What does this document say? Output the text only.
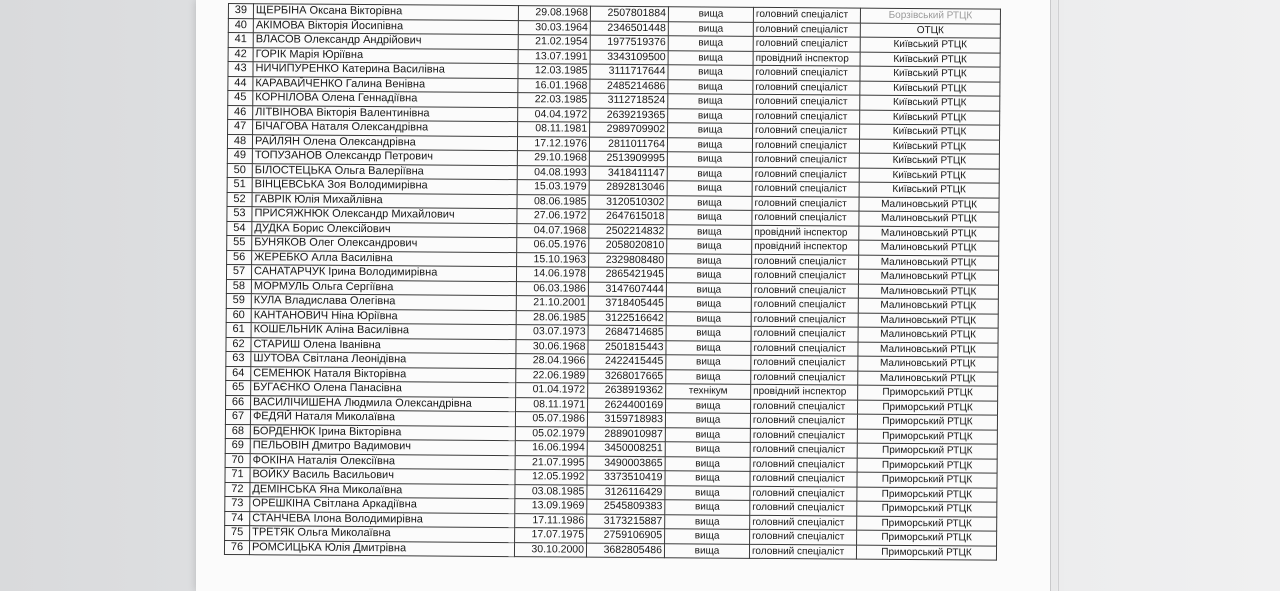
39	ЩЕРБІНА Оксана Вікторівна	29.08.1968	2507801884	вища	головний спеціаліст	Борзівський РТЦК
40	АКІМОВА Вікторія Йосипівна	30.03.1964	2346501448	вища	головний спеціаліст	ОТЦК
41	ВЛАСОВ Олександр Андрійович	21.02.1954	1977519376	вища	головний спеціаліст	Київський РТЦК
42	ГОРІК Марія Юріївна	13.07.1991	3343109500	вища	провідний інспектор	Київський РТЦК
43	НИЧИПУРЕНКО Катерина Василівна	12.03.1985	3111717644	вища	головний спеціаліст	Київський РТЦК
44	КАРАВАЙЧЕНКО Галина Венівна	16.01.1968	2485214686	вища	головний спеціаліст	Київський РТЦК
45	КОРНІЛОВА Олена Геннадіївна	22.03.1985	3112718524	вища	головний спеціаліст	Київський РТЦК
46	ЛІТВІНОВА Вікторія Валентинівна	04.04.1972	2639219365	вища	головний спеціаліст	Київський РТЦК
47	БІЧАГОВА Наталя Олександрівна	08.11.1981	2989709902	вища	головний спеціаліст	Київський РТЦК
48	РАЙЛЯН Олена Олександрівна	17.12.1976	2811011764	вища	головний спеціаліст	Київський РТЦК
49	ТОПУЗАНОВ Олександр Петрович	29.10.1968	2513909995	вища	головний спеціаліст	Київський РТЦК
50	БІЛОСТЕЦЬКА Ольга Валеріївна	04.08.1993	3418411147	вища	головний спеціаліст	Київський РТЦК
51	ВІНЦЕВСЬКА Зоя Володимирівна	15.03.1979	2892813046	вища	головний спеціаліст	Київський РТЦК
52	ГАВРІК Юлія Михайлівна	08.06.1985	3120510302	вища	головний спеціаліст	Малиновський РТЦК
53	ПРИСЯЖНЮК Олександр Михайлович	27.06.1972	2647615018	вища	головний спеціаліст	Малиновський РТЦК
54	ДУДКА Борис Олексійович	04.07.1968	2502214832	вища	провідний інспектор	Малиновський РТЦК
55	БУНЯКОВ Олег Олександрович	06.05.1976	2058020810	вища	провідний інспектор	Малиновський РТЦК
56	ЖЕРЕБКО Алла Василівна	15.10.1963	2329808480	вища	головний спеціаліст	Малиновський РТЦК
57	САНАТАРЧУК Ірина Володимирівна	14.06.1978	2865421945	вища	головний спеціаліст	Малиновський РТЦК
58	МОРМУЛЬ Ольга Сергіївна	06.03.1986	3147607444	вища	головний спеціаліст	Малиновський РТЦК
59	КУЛА Владислава Олегівна	21.10.2001	3718405445	вища	головний спеціаліст	Малиновський РТЦК
60	КАНТАНОВИЧ Ніна Юріївна	28.06.1985	3122516642	вища	головний спеціаліст	Малиновський РТЦК
61	КОШЕЛЬНИК Аліна Василівна	03.07.1973	2684714685	вища	головний спеціаліст	Малиновський РТЦК
62	СТАРИШ Олена Іванівна	30.06.1968	2501815443	вища	головний спеціаліст	Малиновський РТЦК
63	ШУТОВА Світлана Леонідівна	28.04.1966	2422415445	вища	головний спеціаліст	Малиновський РТЦК
64	СЕМЕНЮК Наталя Вікторівна	22.06.1989	3268017665	вища	головний спеціаліст	Малиновський РТЦК
65	БУГАЄНКО Олена Панасівна	01.04.1972	2638919362	технікум	провідний інспектор	Приморський РТЦК
66	ВАСИЛІЧИШЕНА Людмила Олександрівна	08.11.1971	2624400169	вища	головний спеціаліст	Приморський РТЦК
67	ФЕДЯЙ Наталя Миколаївна	05.07.1986	3159718983	вища	головний спеціаліст	Приморський РТЦК
68	БОРДЕНЮК Ірина Вікторівна	05.02.1979	2889010987	вища	головний спеціаліст	Приморський РТЦК
69	ПЕЛЬОВІН Дмитро Вадимович	16.06.1994	3450008251	вища	головний спеціаліст	Приморський РТЦК
70	ФОКІНА Наталія Олексіївна	21.07.1995	3490003865	вища	головний спеціаліст	Приморський РТЦК
71	ВОЙКУ Василь Васильович	12.05.1992	3373510419	вища	головний спеціаліст	Приморський РТЦК
72	ДЕМІНСЬКА Яна Миколаївна	03.08.1985	3126116429	вища	головний спеціаліст	Приморський РТЦК
73	ОРЕШКІНА Світлана Аркадіївна	13.09.1969	2545809383	вища	головний спеціаліст	Приморський РТЦК
74	СТАНЧЕВА Ілона Володимирівна	17.11.1986	3173215887	вища	головний спеціаліст	Приморський РТЦК
75	ТРЕТЯК Ольга Миколаївна	17.07.1975	2759106905	вища	головний спеціаліст	Приморський РТЦК
76	РОМСИЦЬКА Юлія Дмитрівна	30.10.2000	3682805486	вища	головний спеціаліст	Приморський РТЦК
